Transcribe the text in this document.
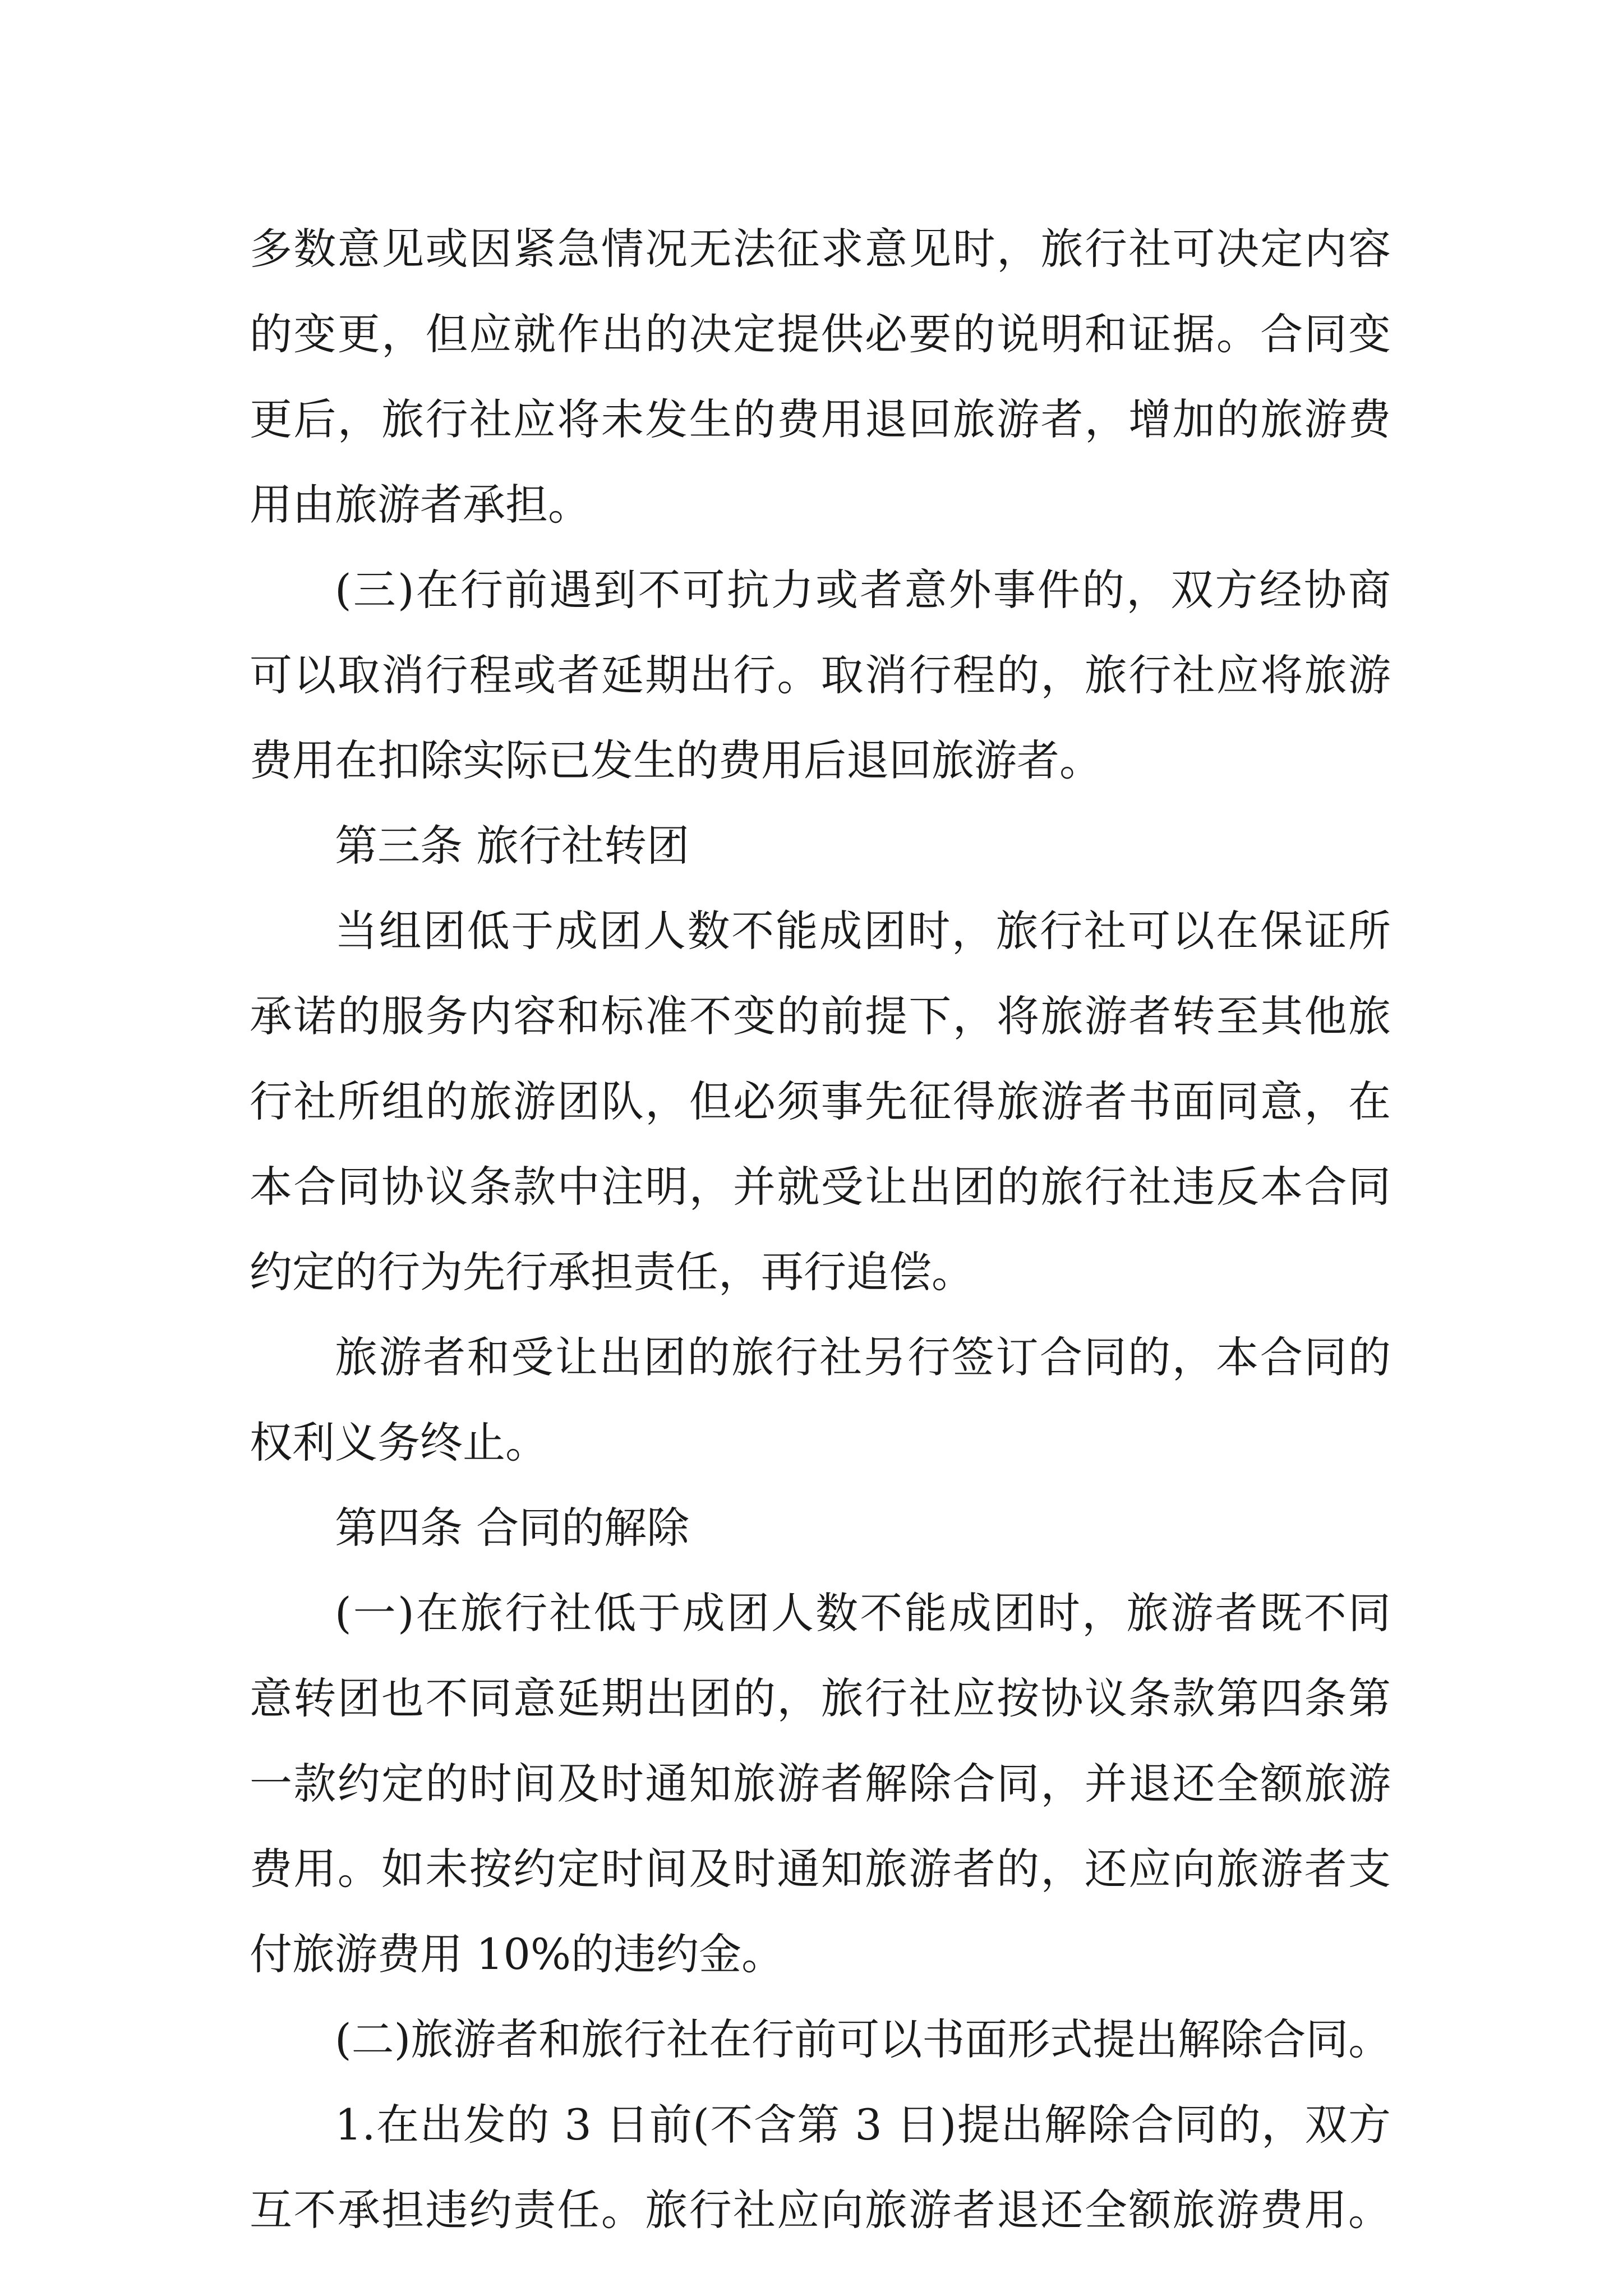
多数意见或因紧急情况无法征求意见时，旅行社可决定内容
的变更，但应就作出的决定提供必要的说明和证据。合同变
更后，旅行社应将未发生的费用退回旅游者，增加的旅游费
用由旅游者承担。
(三)在行前遇到不可抗力或者意外事件的，双方经协商
可以取消行程或者延期出行。取消行程的，旅行社应将旅游
费用在扣除实际已发生的费用后退回旅游者。
第三条 旅行社转团
当组团低于成团人数不能成团时，旅行社可以在保证所
承诺的服务内容和标准不变的前提下，将旅游者转至其他旅
行社所组的旅游团队，但必须事先征得旅游者书面同意，在
本合同协议条款中注明，并就受让出团的旅行社违反本合同
约定的行为先行承担责任，再行追偿。
旅游者和受让出团的旅行社另行签订合同的，本合同的
权利义务终止。
第四条 合同的解除
(一)在旅行社低于成团人数不能成团时，旅游者既不同
意转团也不同意延期出团的，旅行社应按协议条款第四条第
一款约定的时间及时通知旅游者解除合同，并退还全额旅游
费用。如未按约定时间及时通知旅游者的，还应向旅游者支
付旅游费用 10%的违约金。
(二)旅游者和旅行社在行前可以书面形式提出解除合同。
1.在出发的 3 日前(不含第 3 日)提出解除合同的，双方
互不承担违约责任。旅行社应向旅游者退还全额旅游费用。
